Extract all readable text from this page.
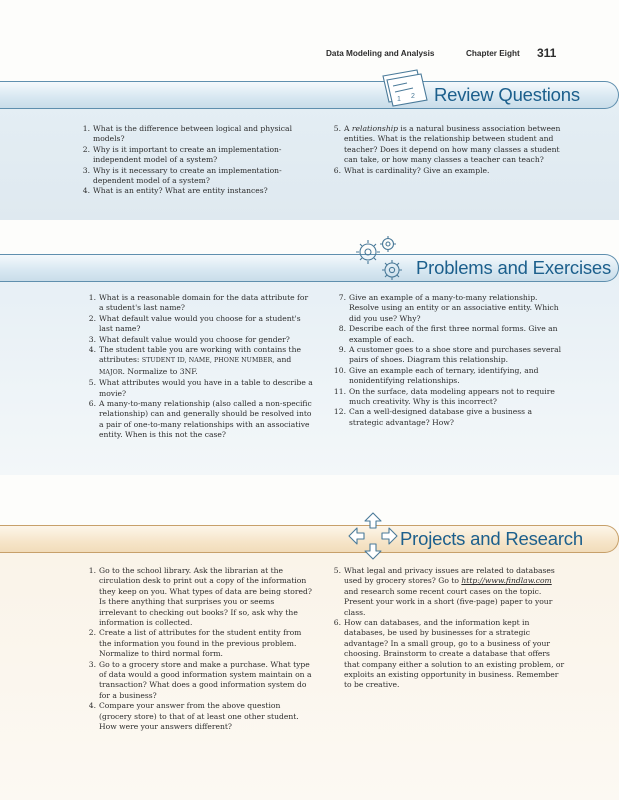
Data Modeling and Analysis	Chapter Eight 311
1 2 Review Questions
1. What is the difference between logical and physical models?
2. Why is it important to create an implementation-independent model of a system?
3. Why is it necessary to create an implementation-dependent model of a system?
4. What is an entity? What are entity instances?
5. A relationship is a natural business association between entities. What is the relationship between student and teacher? Does it depend on how many classes a student can take, or how many classes a teacher can teach?
6. What is cardinality? Give an example.
Problems and Exercises
1. What is a reasonable domain for the data attribute for a student's last name?
2. What default value would you choose for a student's last name?
3. What default value would you choose for gender?
4. The student table you are working with contains the attributes: STUDENT ID, NAME, PHONE NUMBER, and MAJOR. Normalize to 3NF.
5. What attributes would you have in a table to describe a movie?
6. A many-to-many relationship (also called a non-specific relationship) can and generally should be resolved into a pair of one-to-many relationships with an associative entity. When is this not the case?
7. Give an example of a many-to-many relationship. Resolve using an entity or an associative entity. Which did you use? Why?
8. Describe each of the first three normal forms. Give an example of each.
9. A customer goes to a shoe store and purchases several pairs of shoes. Diagram this relationship.
10. Give an example each of ternary, identifying, and nonidentifying relationships.
11. On the surface, data modeling appears not to require much creativity. Why is this incorrect?
12. Can a well-designed database give a business a strategic advantage? How?
Projects and Research
1. Go to the school library. Ask the librarian at the circulation desk to print out a copy of the information they keep on you. What types of data are being stored? Is there anything that surprises you or seems irrelevant to checking out books? If so, ask why the information is collected.
2. Create a list of attributes for the student entity from the information you found in the previous problem. Normalize to third normal form.
3. Go to a grocery store and make a purchase. What type of data would a good information system maintain on a transaction? What does a good information system do for a business?
4. Compare your answer from the above question (grocery store) to that of at least one other student. How were your answers different?
5. What legal and privacy issues are related to databases used by grocery stores? Go to http://www.findlaw.com and research some recent court cases on the topic. Present your work in a short (five-page) paper to your class.
6. How can databases, and the information kept in databases, be used by businesses for a strategic advantage? In a small group, go to a business of your choosing. Brainstorm to create a database that offers that company either a solution to an existing problem, or exploits an existing opportunity in business. Remember to be creative.
